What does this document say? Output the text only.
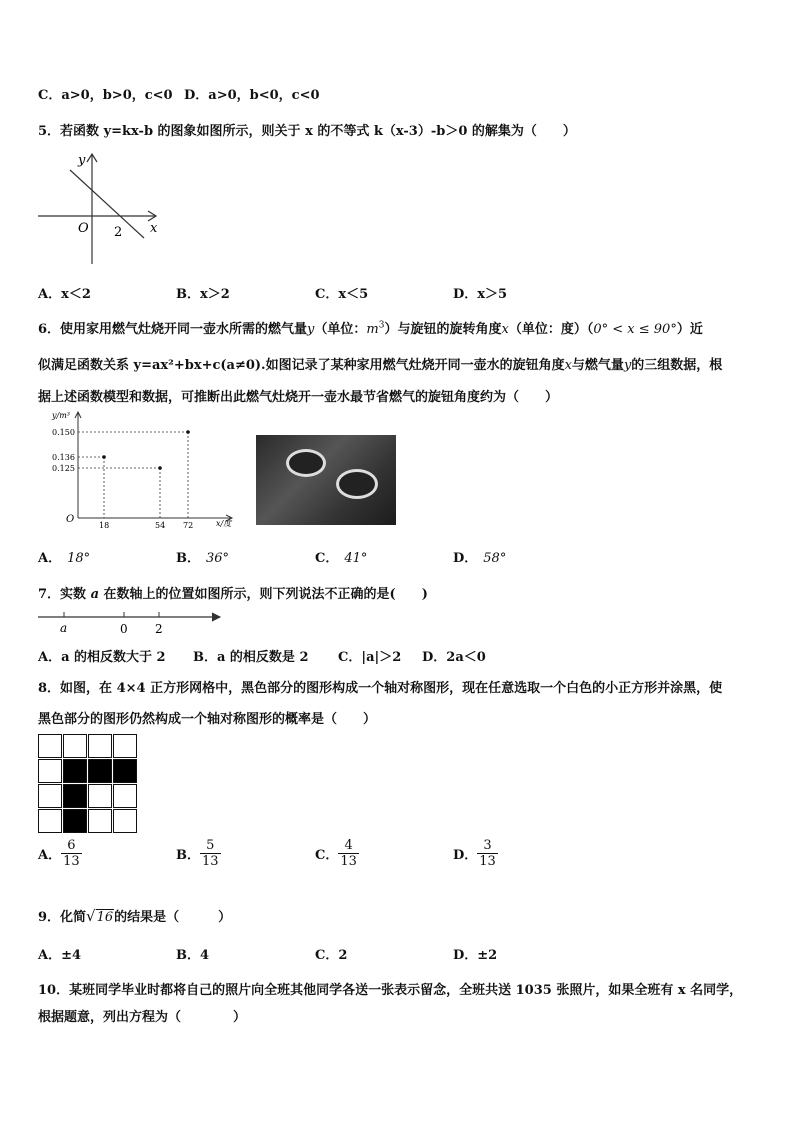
C．a>0，b>0，c<0 D．a>0，b<0，c<0
5．若函数 y=kx-b 的图象如图所示，则关于 x 的不等式 k（x-3）-b＞0 的解集为（　　）
y
x
O 2
A．x＜2	B．x＞2	C．x＜5	D．x＞5
6．使用家用燃气灶烧开同一壶水所需的燃气量y（单位：$m^3$）与旋钮的旋转角度x（单位：度）（0° < x ≤ 90°）近
似满足函数关系 y=ax²+bx+c(a≠0).如图记录了某种家用燃气灶烧开同一壶水的旋钮角度x与燃气量y的三组数据，根
据上述函数模型和数据，可推断出此燃气灶烧开一壶水最节省燃气的旋钮角度约为（　　）
y/m³
x/度
O
0.150
0.136
0.125
18	54 72
A． 18°	B． 36°	C． 41°	D． 58°
7．实数 a 在数轴上的位置如图所示，则下列说法不正确的是(　　)
a	0 2
A．a 的相反数大于 2 B．a 的相反数是 2 C．|a|＞2 D．2a＜0
8．如图，在 4×4 正方形网格中，黑色部分的图形构成一个轴对称图形，现在任意选取一个白色的小正方形并涂黑，使
黑色部分的图形仍然构成一个轴对称图形的概率是（　　）
A． $\frac{6}{13}$	B． $\frac{5}{13}$	C． $\frac{4}{13}$	D． $\frac{3}{13}$
9．化简√16的结果是（　　　）
A．±4	B．4	C．2	D．±2
10．某班同学毕业时都将自己的照片向全班其他同学各送一张表示留念，全班共送 1035 张照片，如果全班有 x 名同学，
根据题意，列出方程为（　　　　）
